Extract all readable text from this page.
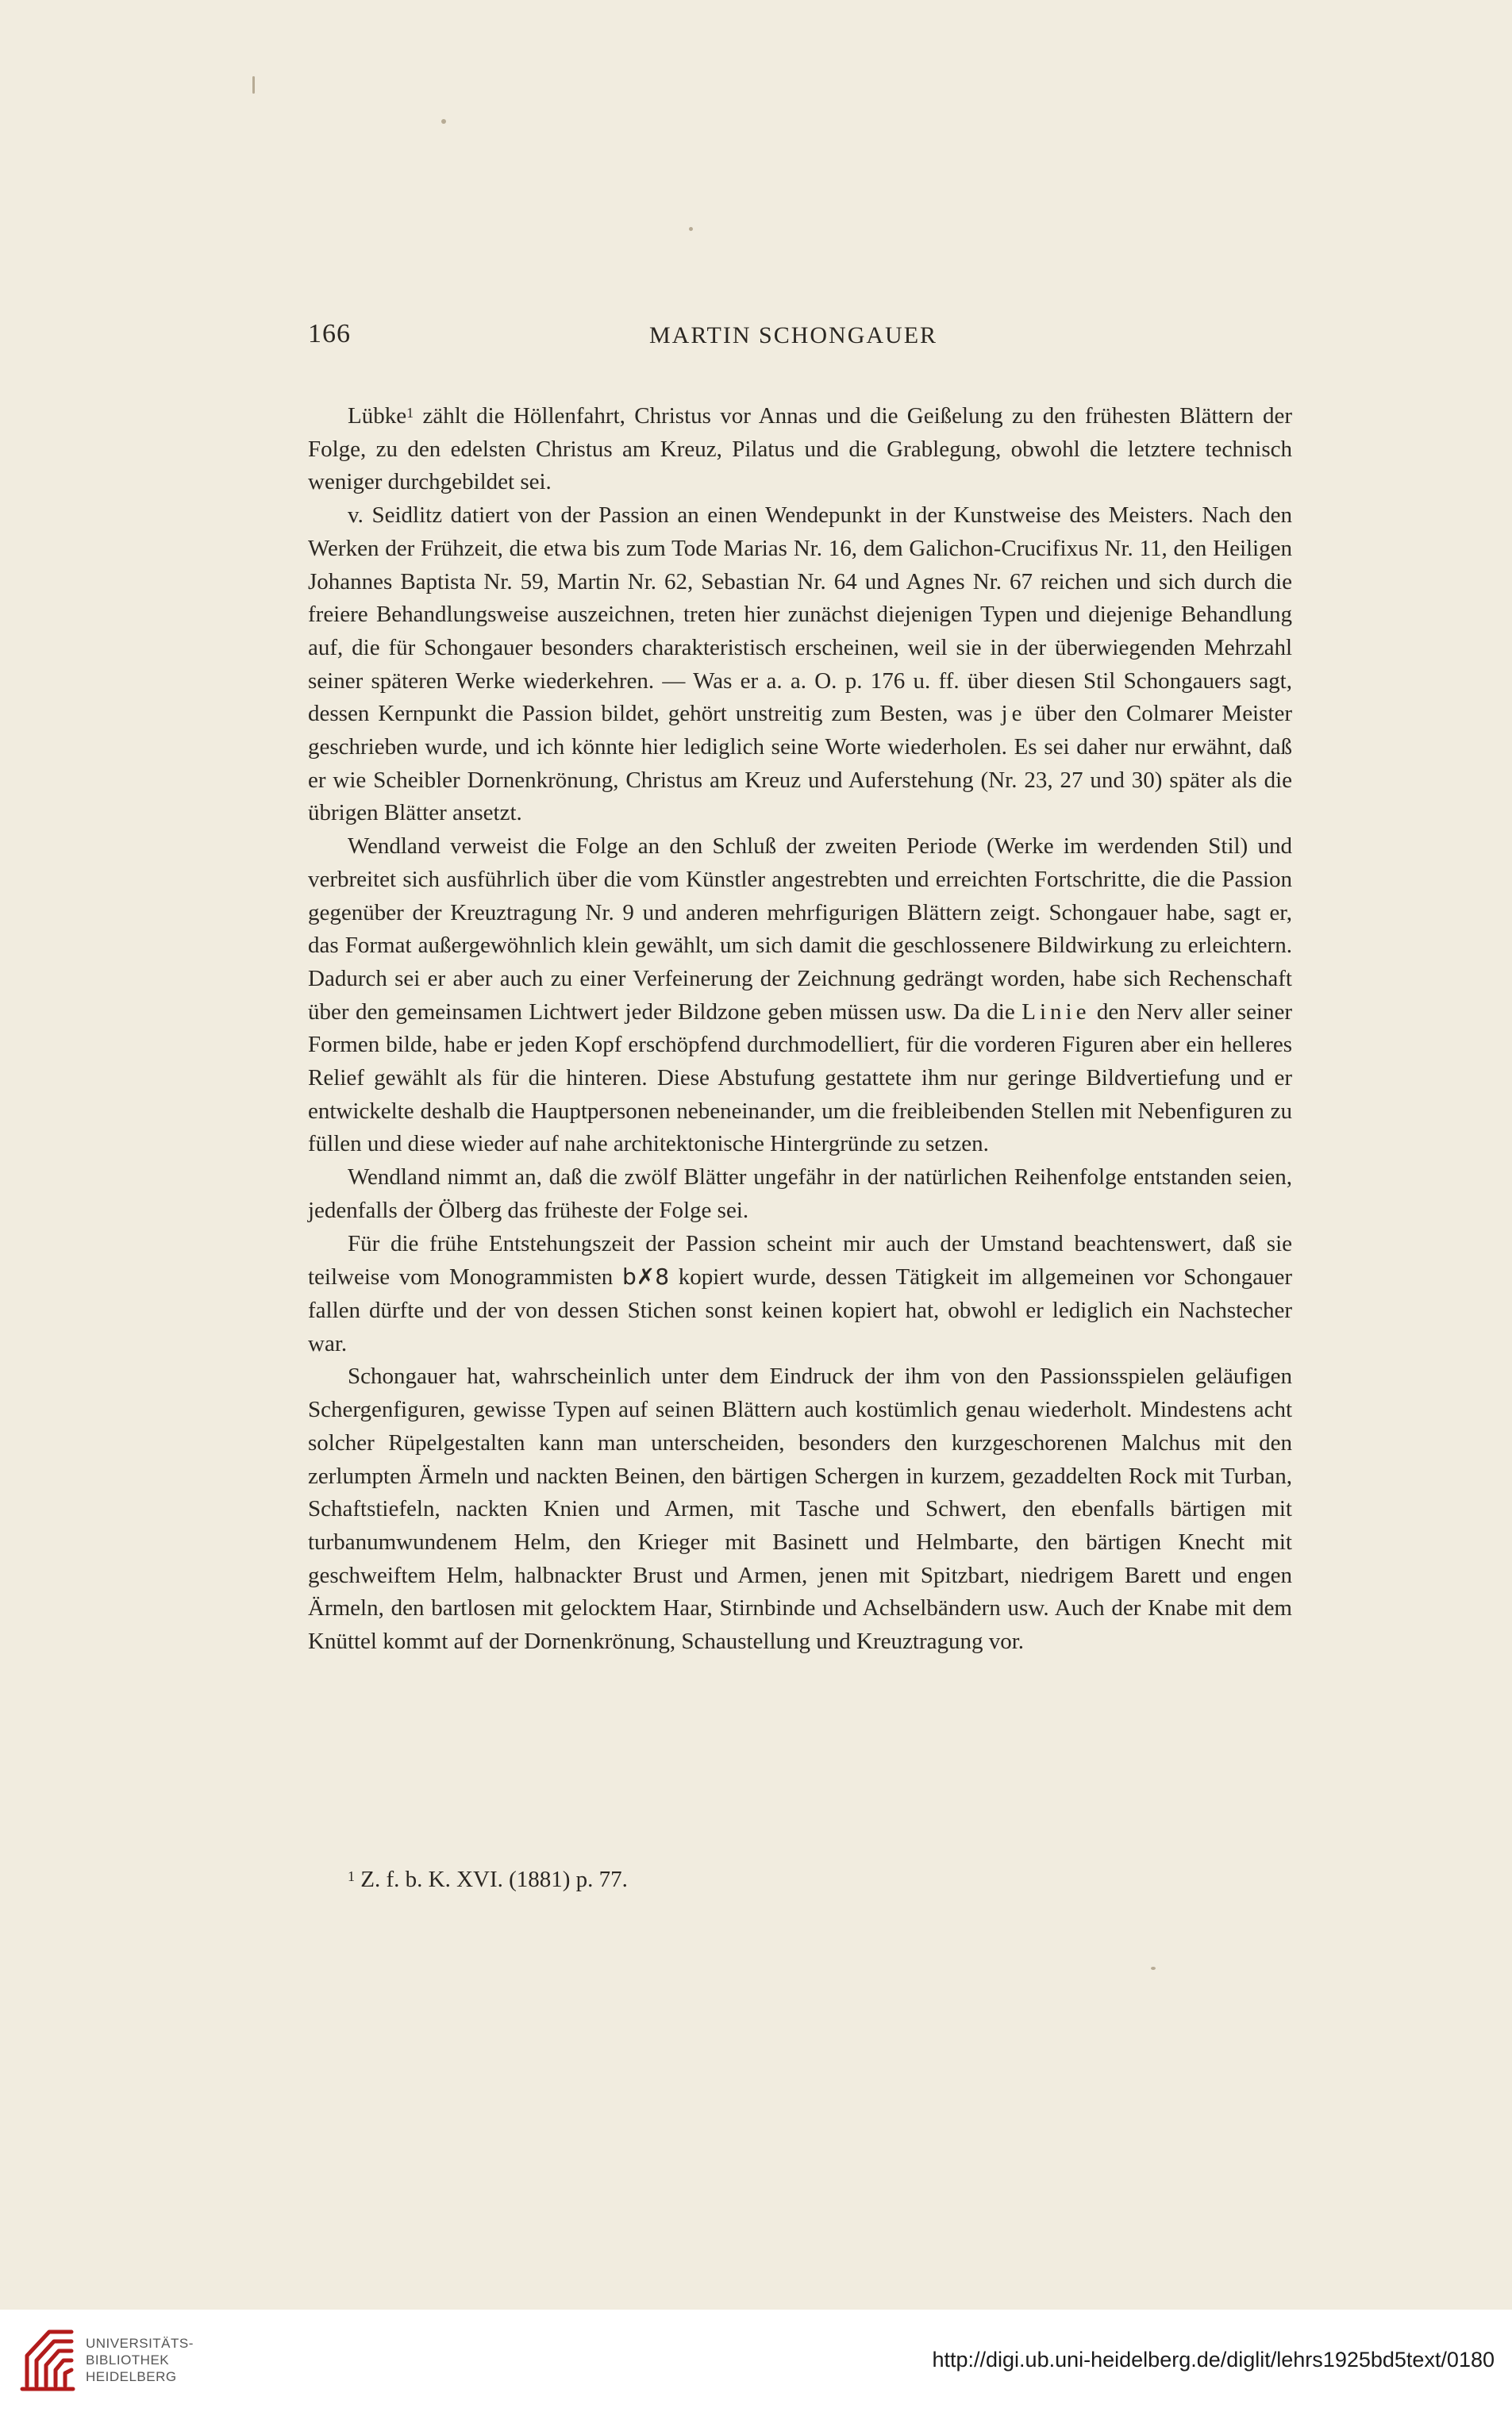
166	MARTIN SCHONGAUER

Lübke$^1$ zählt die Höllenfahrt, Christus vor Annas und die Geißelung zu den frühesten Blättern der Folge, zu den edelsten Christus am Kreuz, Pilatus und die Grablegung, obwohl die letztere technisch weniger durchgebildet sei.

v. Seidlitz datiert von der Passion an einen Wendepunkt in der Kunstweise des Meisters. Nach den Werken der Frühzeit, die etwa bis zum Tode Marias Nr. 16, dem Galichon-Crucifixus Nr. 11, den Heiligen Johannes Baptista Nr. 59, Martin Nr. 62, Sebastian Nr. 64 und Agnes Nr. 67 reichen und sich durch die freiere Behandlungsweise auszeichnen, treten hier zunächst diejenigen Typen und diejenige Behandlung auf, die für Schongauer besonders charakteristisch erscheinen, weil sie in der überwiegenden Mehrzahl seiner späteren Werke wiederkehren. — Was er a. a. O. p. 176 u. ff. über diesen Stil Schongauers sagt, dessen Kernpunkt die Passion bildet, gehört unstreitig zum Besten, was je über den Colmarer Meister geschrieben wurde, und ich könnte hier lediglich seine Worte wiederholen. Es sei daher nur erwähnt, daß er wie Scheibler Dornenkrönung, Christus am Kreuz und Auferstehung (Nr. 23, 27 und 30) später als die übrigen Blätter ansetzt.

Wendland verweist die Folge an den Schluß der zweiten Periode (Werke im werdenden Stil) und verbreitet sich ausführlich über die vom Künstler angestrebten und erreichten Fortschritte, die die Passion gegenüber der Kreuztragung Nr. 9 und anderen mehrfigurigen Blättern zeigt. Schongauer habe, sagt er, das Format außergewöhnlich klein gewählt, um sich damit die geschlossenere Bildwirkung zu erleichtern. Dadurch sei er aber auch zu einer Verfeinerung der Zeichnung gedrängt worden, habe sich Rechenschaft über den gemeinsamen Lichtwert jeder Bildzone geben müssen usw. Da die Linie den Nerv aller seiner Formen bilde, habe er jeden Kopf erschöpfend durchmodelliert, für die vorderen Figuren aber ein helleres Relief gewählt als für die hinteren. Diese Abstufung gestattete ihm nur geringe Bildvertiefung und er entwickelte deshalb die Hauptpersonen nebeneinander, um die freibleibenden Stellen mit Nebenfiguren zu füllen und diese wieder auf nahe architektonische Hintergründe zu setzen.

Wendland nimmt an, daß die zwölf Blätter ungefähr in der natürlichen Reihenfolge entstanden seien, jedenfalls der Ölberg das früheste der Folge sei.

Für die frühe Entstehungszeit der Passion scheint mir auch der Umstand beachtenswert, daß sie teilweise vom Monogrammisten b✗8 kopiert wurde, dessen Tätigkeit im allgemeinen vor Schongauer fallen dürfte und der von dessen Stichen sonst keinen kopiert hat, obwohl er lediglich ein Nachstecher war.

Schongauer hat, wahrscheinlich unter dem Eindruck der ihm von den Passionsspielen geläufigen Schergenfiguren, gewisse Typen auf seinen Blättern auch kostümlich genau wiederholt. Mindestens acht solcher Rüpelgestalten kann man unterscheiden, besonders den kurzgeschorenen Malchus mit den zerlumpten Ärmeln und nackten Beinen, den bärtigen Schergen in kurzem, gezaddelten Rock mit Turban, Schaftstiefeln, nackten Knien und Armen, mit Tasche und Schwert, den ebenfalls bärtigen mit turbanumwundenem Helm, den Krieger mit Basinett und Helmbarte, den bärtigen Knecht mit geschweiftem Helm, halbnackter Brust und Armen, jenen mit Spitzbart, niedrigem Barett und engen Ärmeln, den bartlosen mit gelocktem Haar, Stirnbinde und Achselbändern usw. Auch der Knabe mit dem Knüttel kommt auf der Dornenkrönung, Schaustellung und Kreuztragung vor.

$^1$ Z. f. b. K. XVI. (1881) p. 77.
UNIVERSITÄTS-
BIBLIOTHEK
HEIDELBERG
http://digi.ub.uni-heidelberg.de/diglit/lehrs1925bd5text/0180
